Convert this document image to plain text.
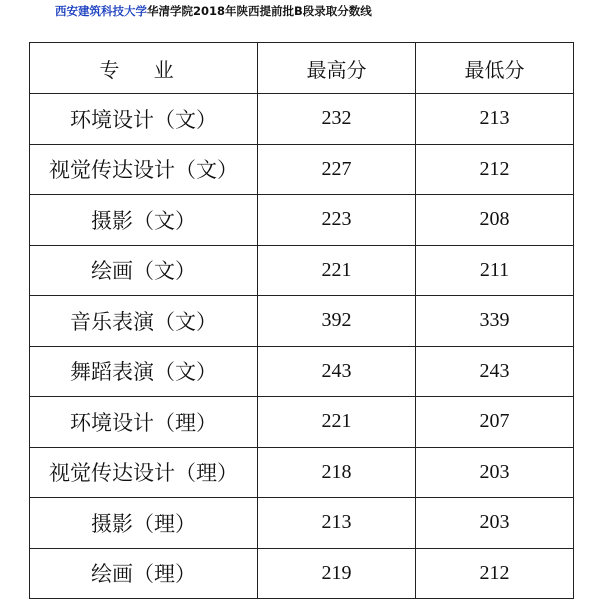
西安建筑科技大学华清学院2018年陕西提前批B段录取分数线
专 业	最高分	最低分
环境设计（文）	232	213
视觉传达设计（文）	227	212
摄影（文）	223	208
绘画（文）	221	211
音乐表演（文）	392	339
舞蹈表演（文）	243	243
环境设计（理）	221	207
视觉传达设计（理）	218	203
摄影（理）	213	203
绘画（理）	219	212
